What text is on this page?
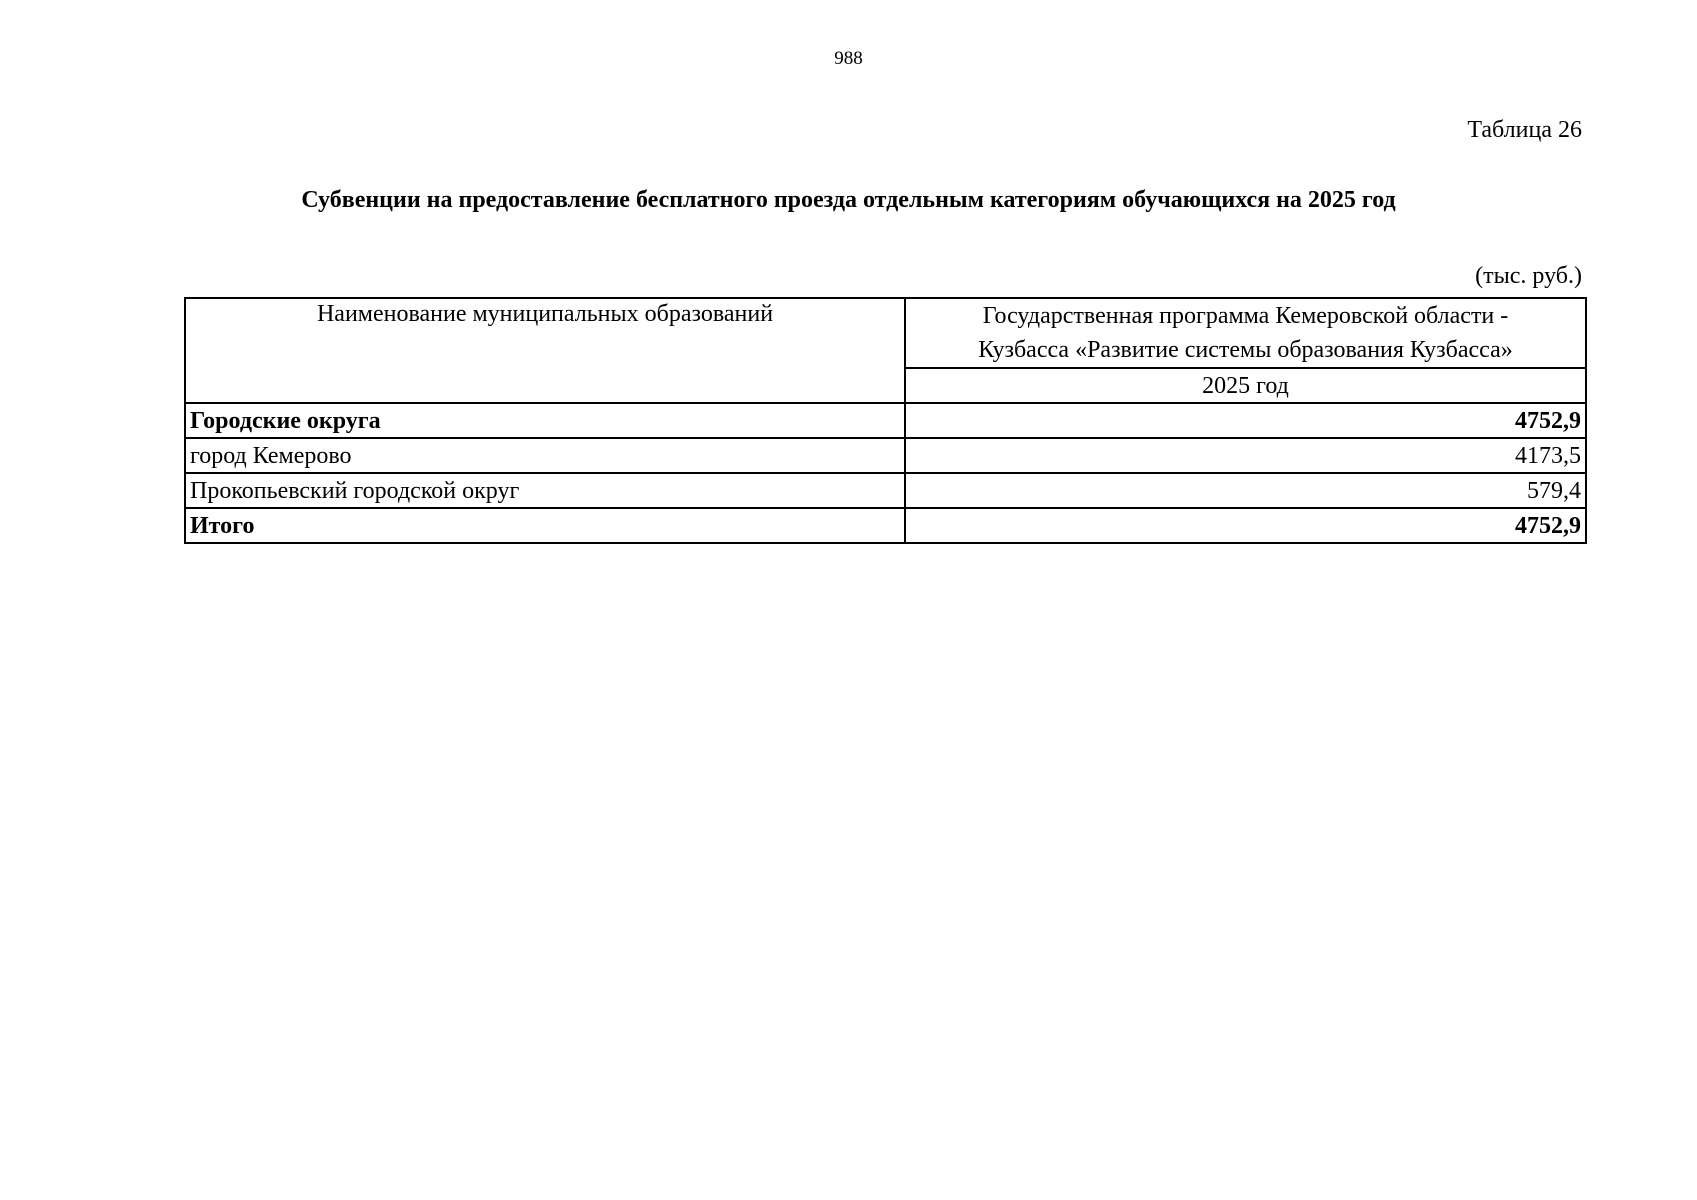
988
Таблица 26
Субвенции на предоставление бесплатного проезда отдельным категориям обучающихся на 2025 год
(тыс. руб.)
Наименование муниципальных образований	Государственная программа Кемеровской области -
Кузбасса «Развитие системы образования Кузбасса»
	2025 год
Городские округа	4752,9
город Кемерово	4173,5
Прокопьевский городской округ	579,4
Итого	4752,9
